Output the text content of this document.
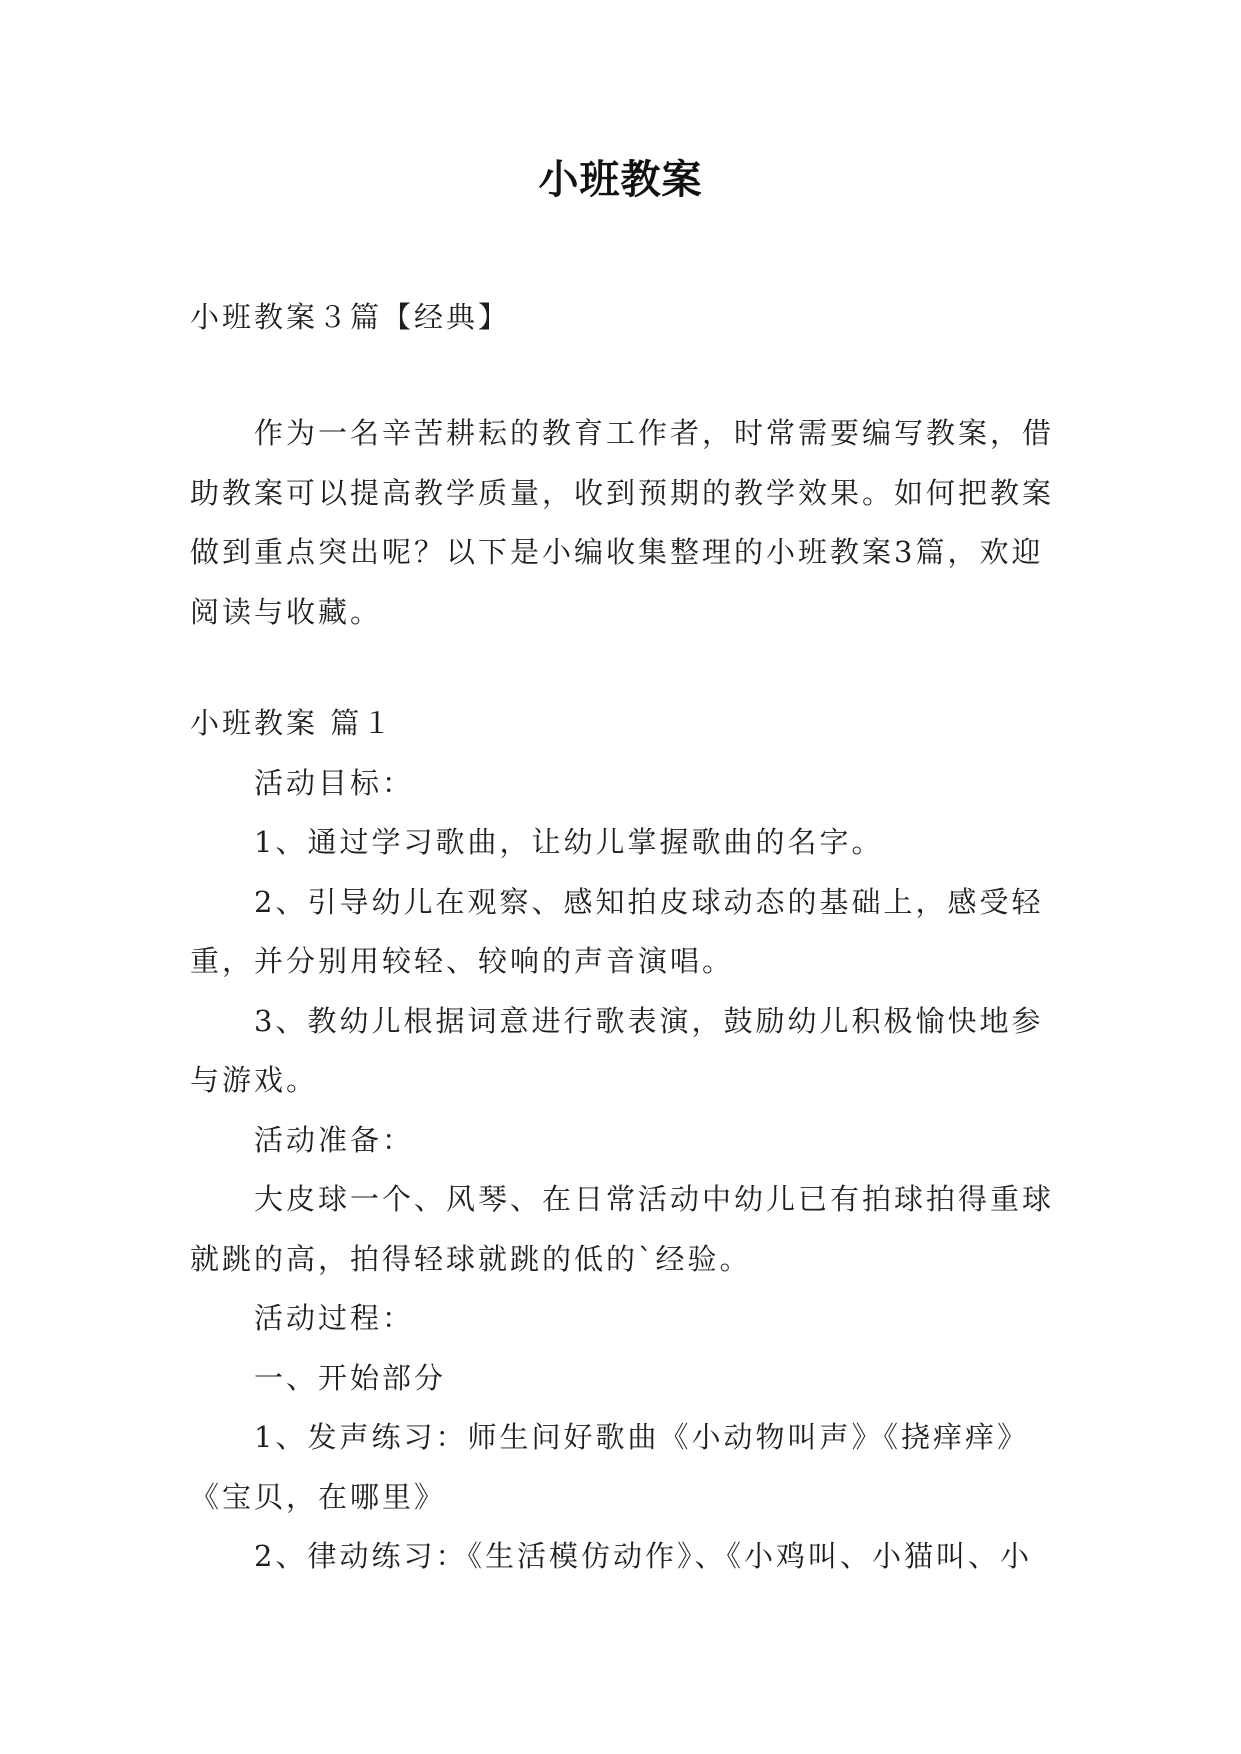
小班教案
小班教案３篇【经典】

作为一名辛苦耕耘的教育工作者，时常需要编写教案，借助教案可以提高教学质量，收到预期的教学效果。如何把教案做到重点突出呢？以下是小编收集整理的小班教案3篇，欢迎阅读与收藏。

小班教案 篇１

活动目标：

1、通过学习歌曲，让幼儿掌握歌曲的名字。

2、引导幼儿在观察、感知拍皮球动态的基础上，感受轻重，并分别用较轻、较响的声音演唱。

3、教幼儿根据词意进行歌表演，鼓励幼儿积极愉快地参与游戏。

活动准备：

大皮球一个、风琴、在日常活动中幼儿已有拍球拍得重球就跳的高，拍得轻球就跳的低的`经验。

活动过程：

一、开始部分

1、发声练习：师生问好歌曲《小动物叫声》《挠痒痒》《宝贝，在哪里》

2、律动练习：《生活模仿动作》、《小鸡叫、小猫叫、小
